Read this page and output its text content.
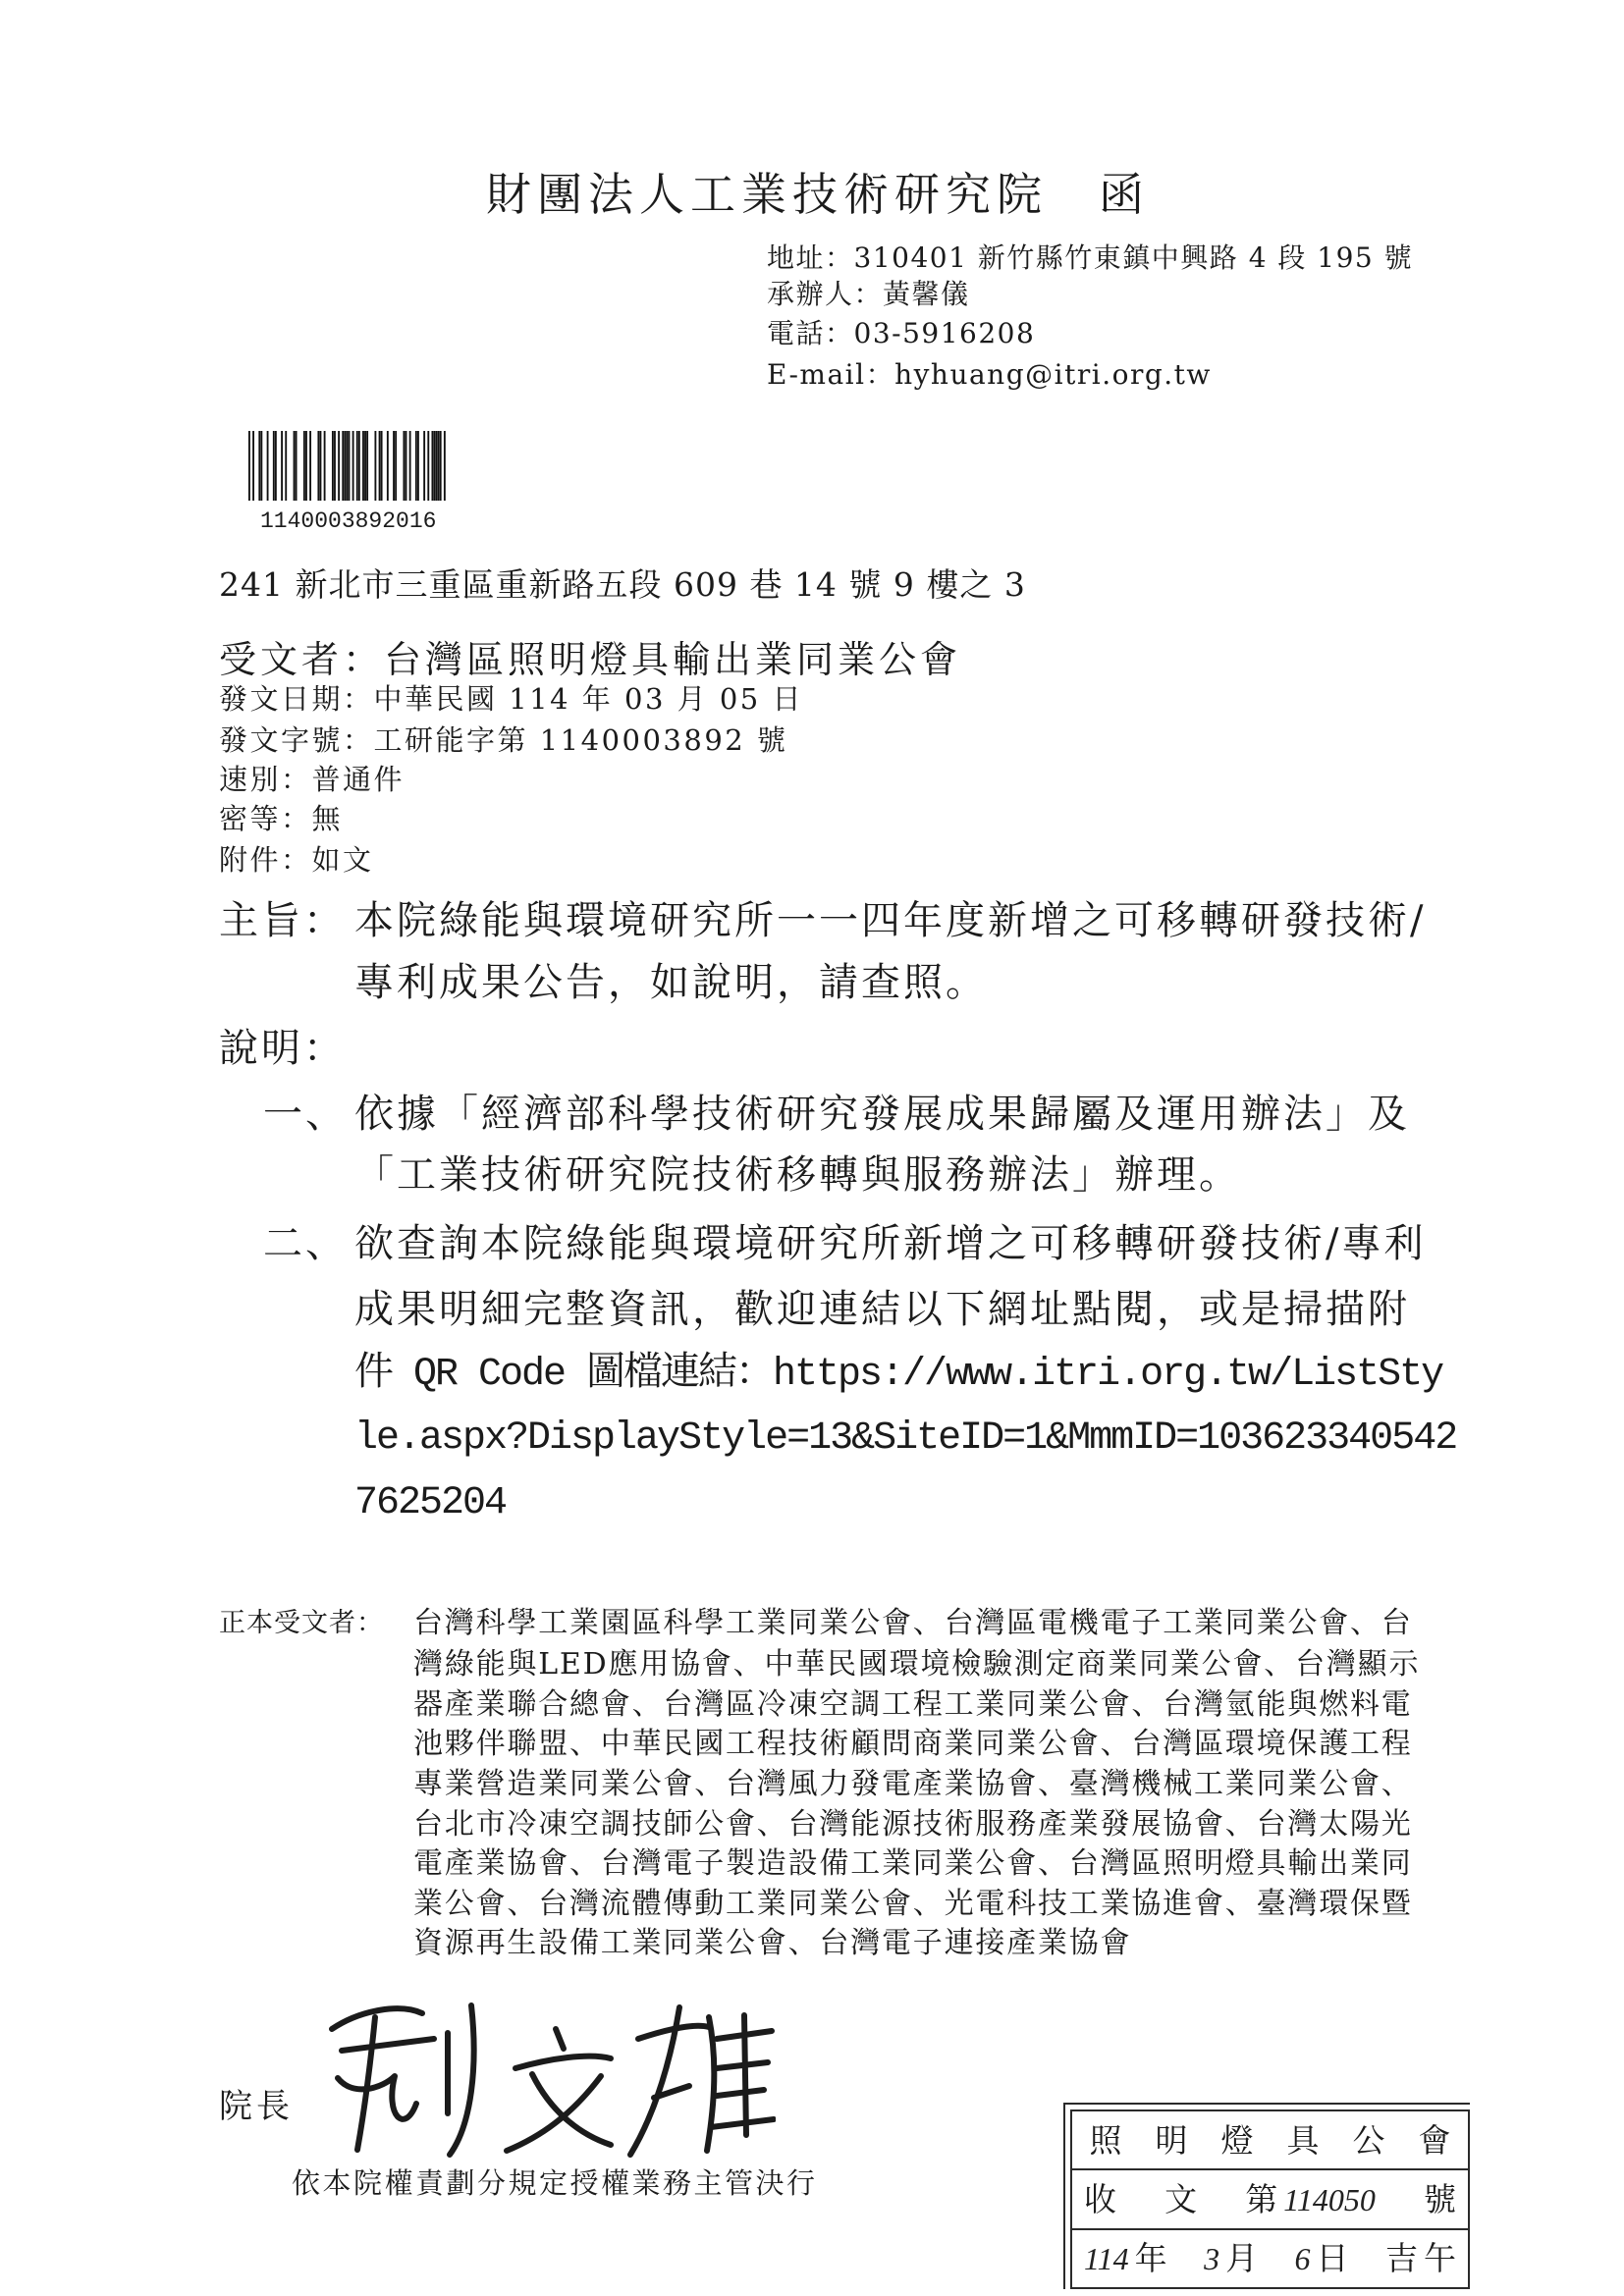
財團法人工業技術研究院　函
地址：310401 新竹縣竹東鎮中興路 4 段 195 號
承辦人：黃馨儀
電話：03-5916208
E-mail：hyhuang@itri.org.tw
1140003892016
241 新北市三重區重新路五段 609 巷 14 號 9 樓之 3
受文者：台灣區照明燈具輸出業同業公會
發文日期：中華民國 114 年 03 月 05 日
發文字號：工研能字第 1140003892 號
速別：普通件
密等：無
附件：如文
主旨： 本院綠能與環境研究所一一四年度新增之可移轉研發技術/
專利成果公告，如說明，請查照。
說明：
一、 依據「經濟部科學技術研究發展成果歸屬及運用辦法」及
「工業技術研究院技術移轉與服務辦法」辦理。
二、 欲查詢本院綠能與環境研究所新增之可移轉研發技術/專利
成果明細完整資訊，歡迎連結以下網址點閱，或是掃描附
件 QR Code 圖檔連結：https://www.itri.org.tw/ListSty
le.aspx?DisplayStyle=13&SiteID=1&MmmID=103623340542
7625204
正本受文者： 台灣科學工業園區科學工業同業公會、台灣區電機電子工業同業公會、台
灣綠能與LED應用協會、中華民國環境檢驗測定商業同業公會、台灣顯示
器產業聯合總會、台灣區冷凍空調工程工業同業公會、台灣氫能與燃料電
池夥伴聯盟、中華民國工程技術顧問商業同業公會、台灣區環境保護工程
專業營造業同業公會、台灣風力發電產業協會、臺灣機械工業同業公會、
台北市冷凍空調技師公會、台灣能源技術服務產業發展協會、台灣太陽光
電產業協會、台灣電子製造設備工業同業公會、台灣區照明燈具輸出業同
業公會、台灣流體傳動工業同業公會、光電科技工業協進會、臺灣環保暨
資源再生設備工業同業公會、台灣電子連接產業協會
院長
依本院權責劃分規定授權業務主管決行
照明燈具公會
收 文 第 114050 號
114 年 3 月 6 日 吉 午
